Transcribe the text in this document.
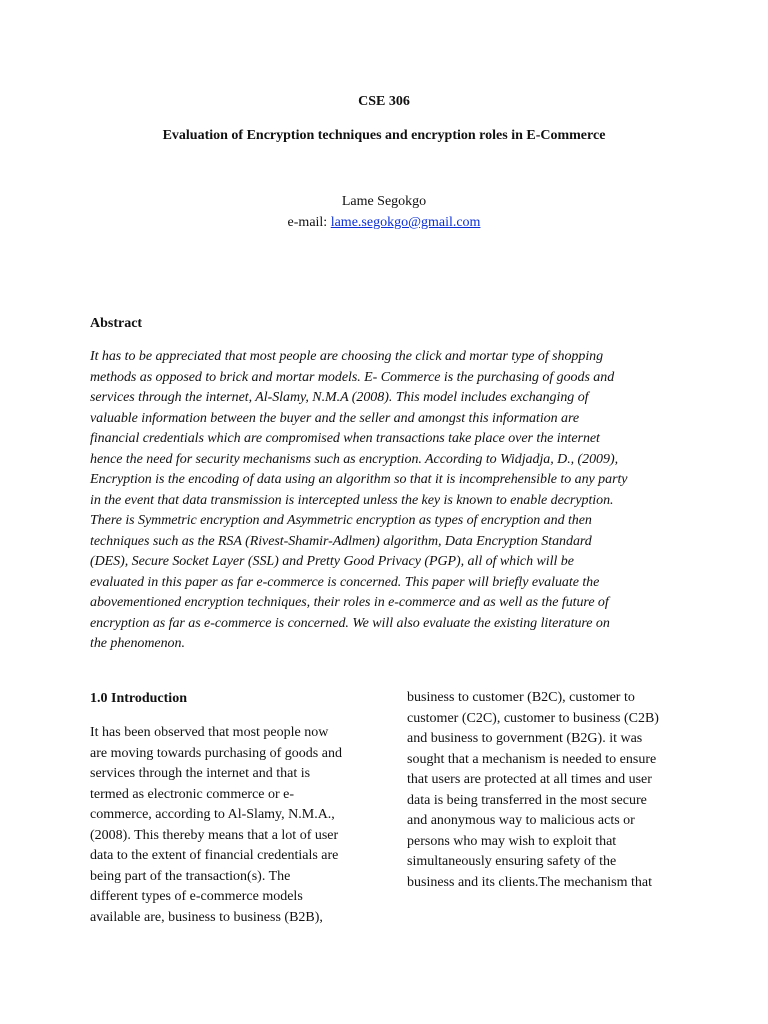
CSE 306
Evaluation of Encryption techniques and encryption roles in E-Commerce
Lame Segokgo
e-mail: lame.segokgo@gmail.com
Abstract
It has to be appreciated that most people are choosing the click and mortar type of shopping
methods as opposed to brick and mortar models. E- Commerce is the purchasing of goods and
services through the internet, Al-Slamy, N.M.A (2008). This model includes exchanging of
valuable information between the buyer and the seller and amongst this information are
financial credentials which are compromised when transactions take place over the internet
hence the need for security mechanisms such as encryption. According to Widjadja, D., (2009),
Encryption is the encoding of data using an algorithm so that it is incomprehensible to any party
in the event that data transmission is intercepted unless the key is known to enable decryption.
There is Symmetric encryption and Asymmetric encryption as types of encryption and then
techniques such as the RSA (Rivest-Shamir-Adlmen) algorithm, Data Encryption Standard
(DES), Secure Socket Layer (SSL) and Pretty Good Privacy (PGP), all of which will be
evaluated in this paper as far e-commerce is concerned. This paper will briefly evaluate the
abovementioned encryption techniques, their roles in e-commerce and as well as the future of
encryption as far as e-commerce is concerned. We will also evaluate the existing literature on
the phenomenon.
1.0 Introduction
It has been observed that most people now
are moving towards purchasing of goods and
services through the internet and that is
termed as electronic commerce or e-
commerce, according to Al-Slamy, N.M.A.,
(2008). This thereby means that a lot of user
data to the extent of financial credentials are
being part of the transaction(s). The
different types of e-commerce models
available are, business to business (B2B),
business to customer (B2C), customer to
customer (C2C), customer to business (C2B)
and business to government (B2G). it was
sought that a mechanism is needed to ensure
that users are protected at all times and user
data is being transferred in the most secure
and anonymous way to malicious acts or
persons who may wish to exploit that
simultaneously ensuring safety of the
business and its clients.The mechanism that
